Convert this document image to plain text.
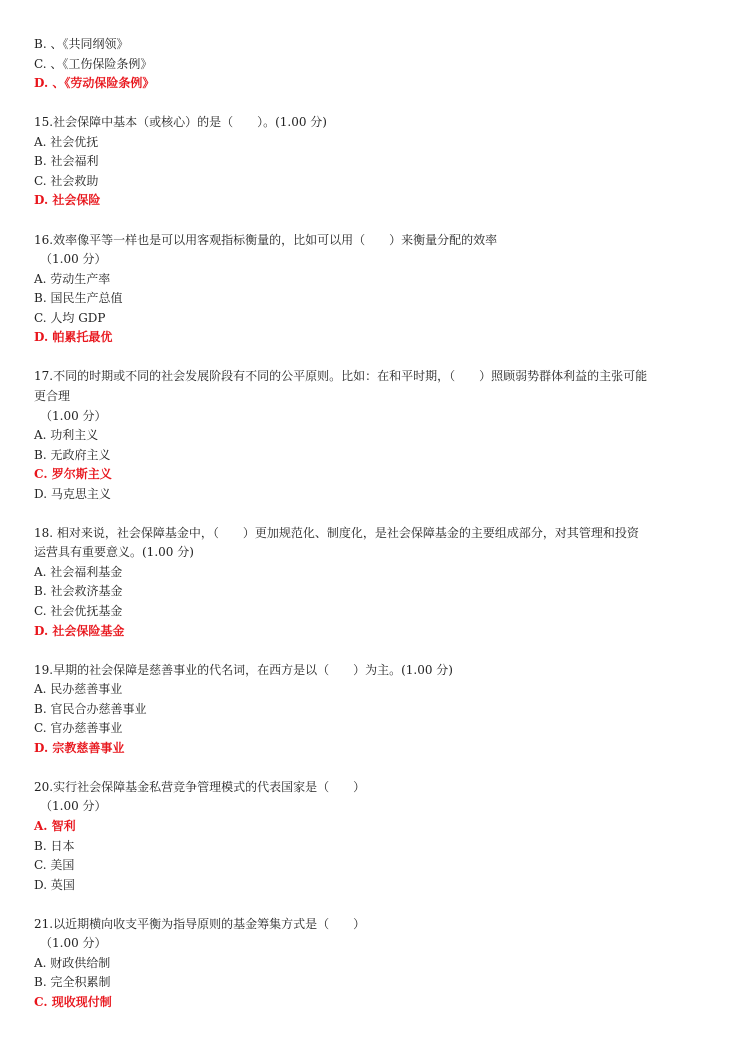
B. 、《共同纲领》
C. 、《工伤保险条例》
D. 、《劳动保险条例》
15.社会保障中基本（或核心）的是（　　）。(1.00 分)
A. 社会优抚
B. 社会福利
C. 社会救助
D. 社会保险
16.效率像平等一样也是可以用客观指标衡量的，比如可以用（　　）来衡量分配的效率
（1.00 分）
A. 劳动生产率
B. 国民生产总值
C. 人均 GDP
D. 帕累托最优
17.不同的时期或不同的社会发展阶段有不同的公平原则。比如：在和平时期，（　　）照顾弱势群体利益的主张可能
更合理
（1.00 分）
A. 功利主义
B. 无政府主义
C. 罗尔斯主义
D. 马克思主义
18. 相对来说，社会保障基金中，（　　）更加规范化、制度化，是社会保障基金的主要组成部分，对其管理和投资
运营具有重要意义。(1.00 分)
A. 社会福利基金
B. 社会救济基金
C. 社会优抚基金
D. 社会保险基金
19.早期的社会保障是慈善事业的代名词，在西方是以（　　）为主。(1.00 分)
A. 民办慈善事业
B. 官民合办慈善事业
C. 官办慈善事业
D. 宗教慈善事业
20.实行社会保障基金私营竞争管理模式的代表国家是（　　）
（1.00 分）
A. 智利
B. 日本
C. 美国
D. 英国
21.以近期横向收支平衡为指导原则的基金筹集方式是（　　）
（1.00 分）
A. 财政供给制
B. 完全积累制
C. 现收现付制
